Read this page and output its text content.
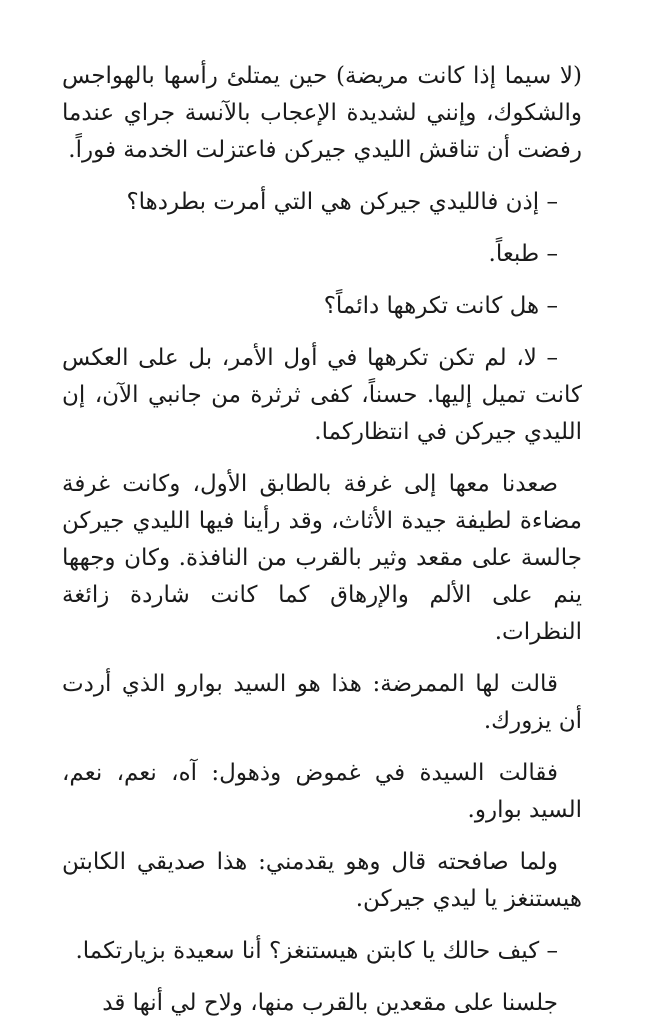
(لا سيما إذا كانت مريضة) حين يمتلئ رأسها بالهواجس والشكوك، وإنني لشديدة الإعجاب بالآنسة جراي عندما رفضت أن تناقش الليدي جيركن فاعتزلت الخدمة فوراً.

– إذن فالليدي جيركن هي التي أمرت بطردها؟

– طبعاً.

– هل كانت تكرهها دائماً؟

– لا، لم تكن تكرهها في أول الأمر، بل على العكس كانت تميل إليها. حسناً، كفى ثرثرة من جانبي الآن، إن الليدي جيركن في انتظاركما.

صعدنا معها إلى غرفة بالطابق الأول، وكانت غرفة مضاءة لطيفة جيدة الأثاث، وقد رأينا فيها الليدي جيركن جالسة على مقعد وثير بالقرب من النافذة. وكان وجهها ينم على الألم والإرهاق كما كانت شاردة زائغة النظرات.

قالت لها الممرضة: هذا هو السيد بوارو الذي أردت أن يزورك.

فقالت السيدة في غموض وذهول: آه، نعم، نعم، السيد بوارو.

ولما صافحته قال وهو يقدمني: هذا صديقي الكابتن هيستنغز يا ليدي جيركن.

– كيف حالك يا كابتن هيستنغز؟ أنا سعيدة بزيارتكما.

جلسنا على مقعدين بالقرب منها، ولاح لي أنها قد
